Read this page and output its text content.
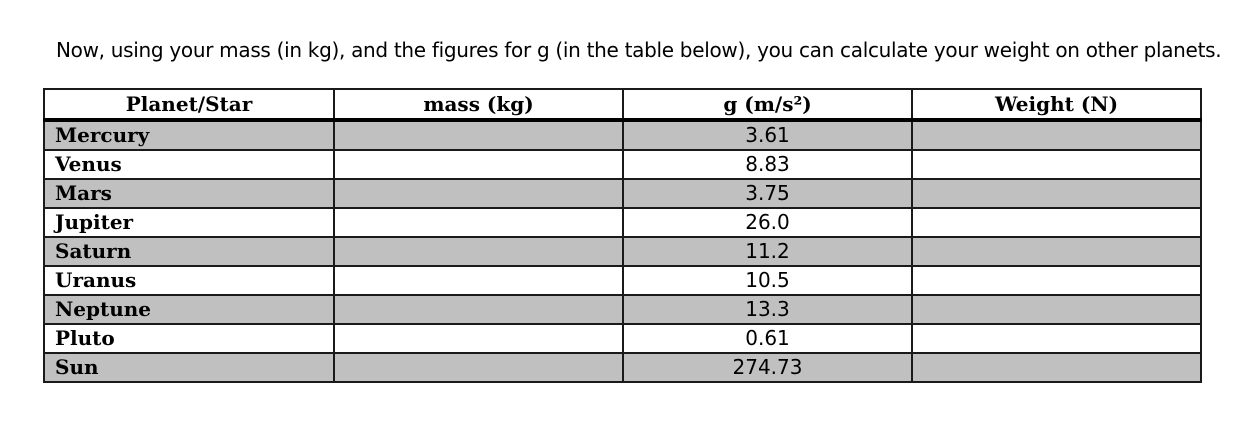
Now, using your mass (in kg), and the figures for g (in the table below), you can calculate your weight on other planets.
Planet/Star	mass (kg)	g (m/s²)	Weight (N)
Mercury		3.61	
Venus		8.83	
Mars		3.75	
Jupiter		26.0	
Saturn		11.2	
Uranus		10.5	
Neptune		13.3	
Pluto		0.61	
Sun		274.73	
